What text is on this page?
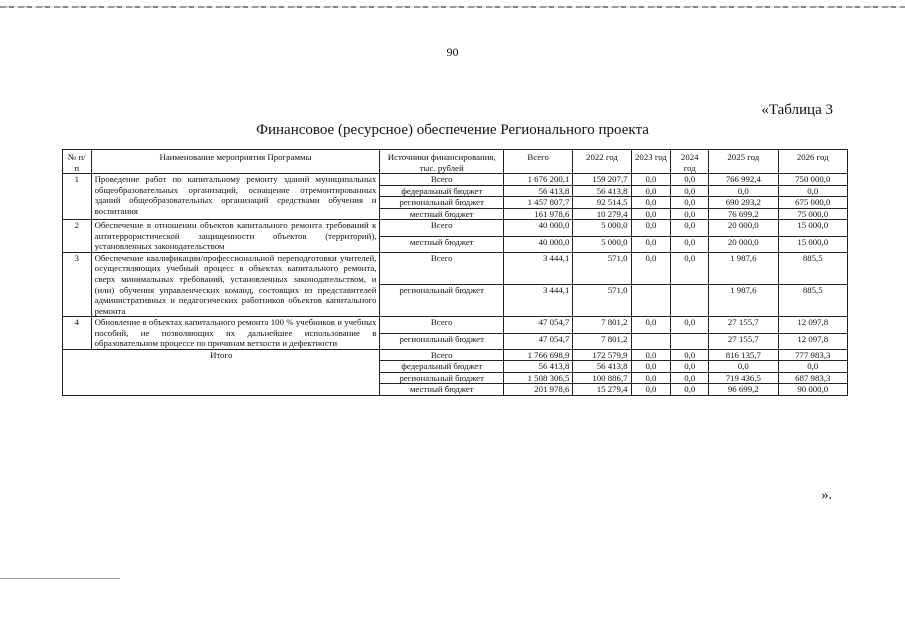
90
«Таблица 3
Финансовое (ресурсное) обеспечение Регионального проекта
№ п/п	Наименование мероприятия Программы	Источники финансирования, тыс. рублей	Всего	2022 год	2023 год	2024 год	2025 год	2026 год
1	Проведение работ по капитальному ремонту зданий муниципальных общеобразовательных организаций, оснащение отремонтированных зданий общеобразовательных организаций средствами обучения и воспитания	Всего	1 676 200,1	159 207,7	0,0	0,0	766 992,4	750 000,0
		федеральный бюджет	56 413,8	56 413,8	0,0	0,0	0,0	0,0
		региональный бюджет	1 457 807,7	92 514,5	0,0	0,0	690 293,2	675 000,0
		местный бюджет	161 978,6	10 279,4	0,0	0,0	76 699,2	75 000,0
2	Обеспечение в отношении объектов капитального ремонта требований к антитеррористической защищенности объектов (территорий), установленных законодательством	Всего	40 000,0	5 000,0	0,0	0,0	20 000,0	15 000,0
		местный бюджет	40 000,0	5 000,0	0,0	0,0	20 000,0	15 000,0
3	Обеспечение квалификации/профессиональной переподготовки учителей, осуществляющих учебный процесс в объектах капитального ремонта, сверх минимальных требований, установленных законодательством, и (или) обучения управленческих команд, состоящих из представителей административных и педагогических работников объектов капитального ремонта	Всего	3 444,1	571,0	0,0	0,0	1 987,6	885,5
		региональный бюджет	3 444,1	571,0			1 987,6	885,5
4	Обновление в объектах капитального ремонта 100 % учебников и учебных пособий, не позволяющих их дальнейшее использование в образовательном процессе по причинам ветхости и дефектности	Всего	47 054,7	7 801,2	0,0	0,0	27 155,7	12 097,8
		региональный бюджет	47 054,7	7 801,2			27 155,7	12 097,8
Итого		Всего	1 766 698,9	172 579,9	0,0	0,0	816 135,7	777 983,3
		федеральный бюджет	56 413,8	56 413,8	0,0	0,0	0,0	0,0
		региональный бюджет	1 508 306,5	100 886,7	0,0	0,0	719 436,5	687 983,3
		местный бюджет	201 978,6	15 279,4	0,0	0,0	96 699,2	90 000,0
».
